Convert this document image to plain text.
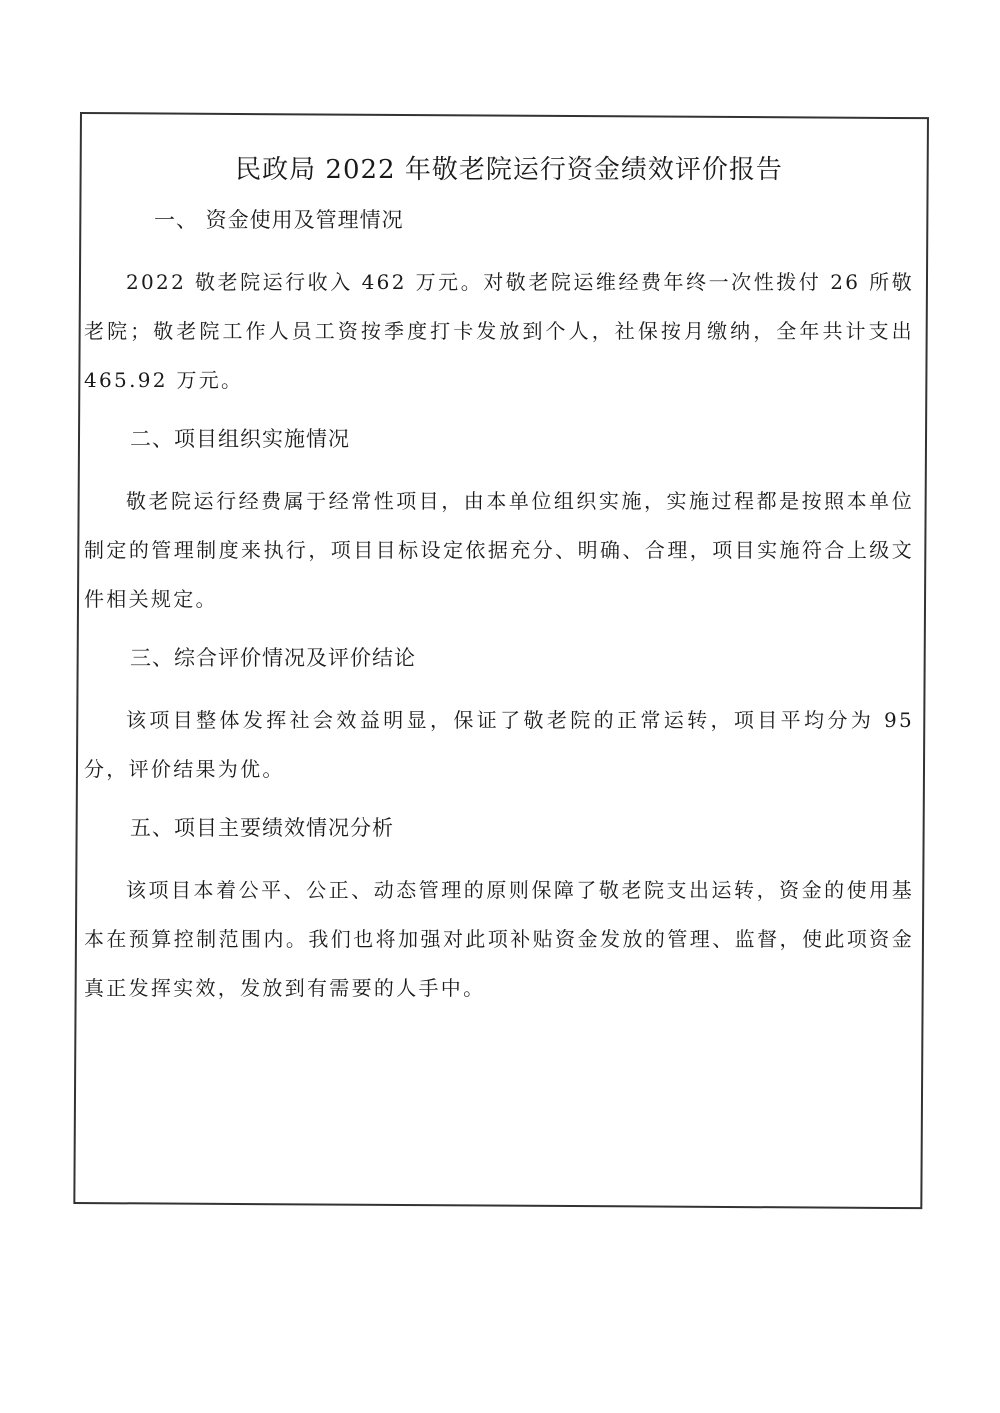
民政局 2022 年敬老院运行资金绩效评价报告

一、 资金使用及管理情况

2022 敬老院运行收入 462 万元。对敬老院运维经费年终一次性拨付 26 所敬老院；敬老院工作人员工资按季度打卡发放到个人，社保按月缴纳，全年共计支出 465.92 万元。

二、项目组织实施情况

敬老院运行经费属于经常性项目，由本单位组织实施，实施过程都是按照本单位制定的管理制度来执行，项目目标设定依据充分、明确、合理，项目实施符合上级文件相关规定。

三、综合评价情况及评价结论

该项目整体发挥社会效益明显，保证了敬老院的正常运转，项目平均分为 95 分，评价结果为优。

五、项目主要绩效情况分析

该项目本着公平、公正、动态管理的原则保障了敬老院支出运转，资金的使用基本在预算控制范围内。我们也将加强对此项补贴资金发放的管理、监督，使此项资金真正发挥实效，发放到有需要的人手中。
